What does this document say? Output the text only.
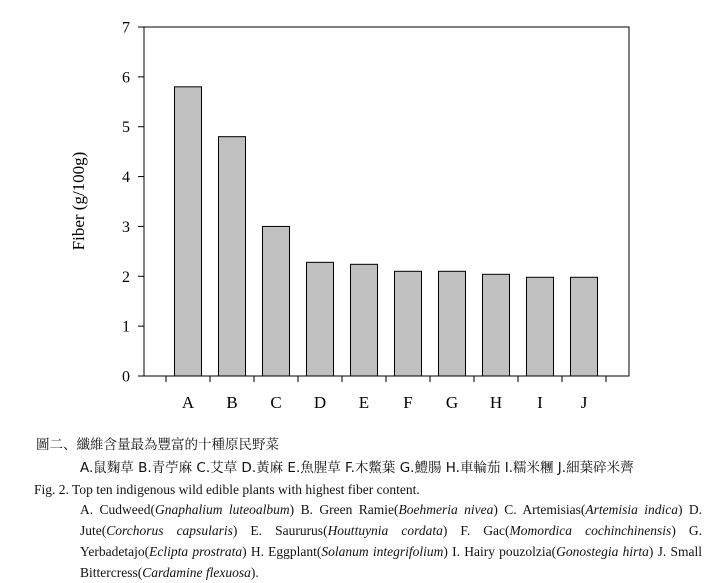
0
1
2
3
4
5
6
7
A B C D E F G H I J
Fiber (g/100g)
圖二、纖維含量最為豐富的十種原民野菜
A.鼠麴草 B.青苧麻 C.艾草 D.黃麻 E.魚腥草 F.木鱉葉 G.鱧腸 H.車輪茄 I.糯米糰 J.細葉碎米薺
Fig. 2. Top ten indigenous wild edible plants with highest fiber content.
A. Cudweed(Gnaphalium luteoalbum) B. Green Ramie(Boehmeria nivea) C. Artemisias(Artemisia indica) D. Jute(Corchorus capsularis) E. Saururus(Houttuynia cordata) F. Gac(Momordica cochinchinensis) G. Yerbadetajo(Eclipta prostrata) H. Eggplant(Solanum integrifolium) I. Hairy pouzolzia(Gonostegia hirta) J. Small Bittercress(Cardamine flexuosa).
